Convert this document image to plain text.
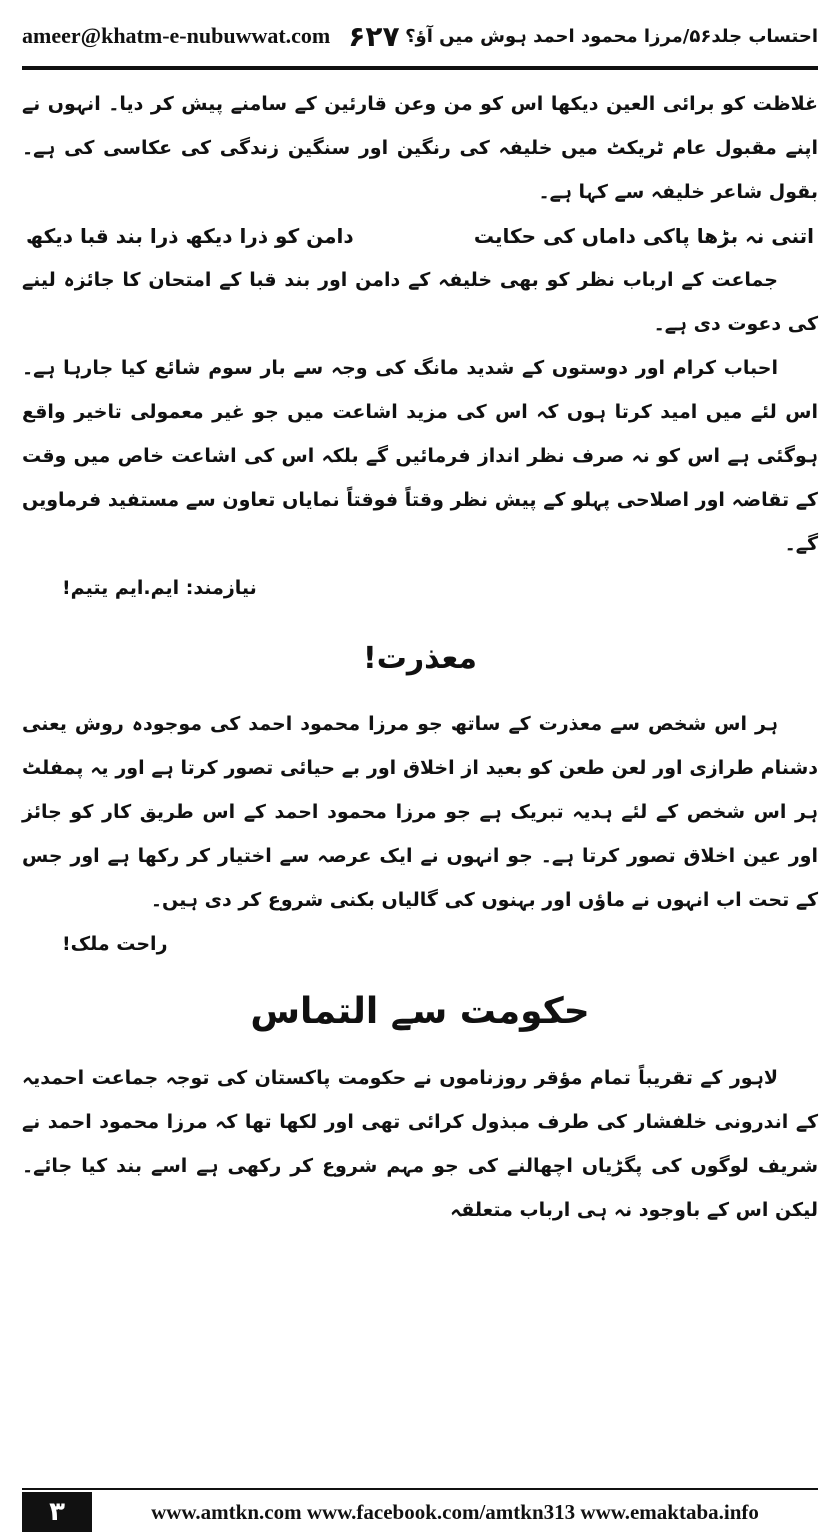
ameer@khatm-e-nubuwwat.com ۶۲۷ احتساب جلد۵۶/مرزا محمود احمد ہوش میں آؤ؟

غلاظت کو برائی العین دیکھا اس کو من وعن قارئین کے سامنے پیش کر دیا۔ انہوں نے اپنے مقبول عام ٹریکٹ میں خلیفہ کی رنگین اور سنگین زندگی کی عکاسی کی ہے۔ بقول شاعر خلیفہ سے کہا ہے۔

اتنی نہ بڑھا پاکی داماں کی حکایت
دامن کو ذرا دیکھ ذرا بند قبا دیکھ

جماعت کے ارباب نظر کو بھی خلیفہ کے دامن اور بند قبا کے امتحان کا جائزہ لینے کی دعوت دی ہے۔

احباب کرام اور دوستوں کے شدید مانگ کی وجہ سے بار سوم شائع کیا جارہا ہے۔ اس لئے میں امید کرتا ہوں کہ اس کی مزید اشاعت میں جو غیر معمولی تاخیر واقع ہوگئی ہے اس کو نہ صرف نظر انداز فرمائیں گے بلکہ اس کی اشاعت خاص میں وقت کے تقاضہ اور اصلاحی پہلو کے پیش نظر وقتاً فوقتاً نمایاں تعاون سے مستفید فرماویں گے۔

نیازمند: ایم.ایم یتیم!
معذرت!

ہر اس شخص سے معذرت کے ساتھ جو مرزا محمود احمد کی موجودہ روش یعنی دشنام طرازی اور لعن طعن کو بعید از اخلاق اور بے حیائی تصور کرتا ہے اور یہ پمفلٹ ہر اس شخص کے لئے ہدیہ تبریک ہے جو مرزا محمود احمد کے اس طریق کار کو جائز اور عین اخلاق تصور کرتا ہے۔ جو انہوں نے ایک عرصہ سے اختیار کر رکھا ہے اور جس کے تحت اب انہوں نے ماؤں اور بہنوں کی گالیاں بکنی شروع کر دی ہیں۔

راحت ملک!
حکومت سے التماس

لاہور کے تقریباً تمام مؤقر روزناموں نے حکومت پاکستان کی توجہ جماعت احمدیہ کے اندرونی خلفشار کی طرف مبذول کرائی تھی اور لکھا تھا کہ مرزا محمود احمد نے شریف لوگوں کی پگڑیاں اچھالنے کی جو مہم شروع کر رکھی ہے اسے بند کیا جائے۔ لیکن اس کے باوجود نہ ہی ارباب متعلقہ

۳	www.amtkn.com www.facebook.com/amtkn313 www.emaktaba.info
